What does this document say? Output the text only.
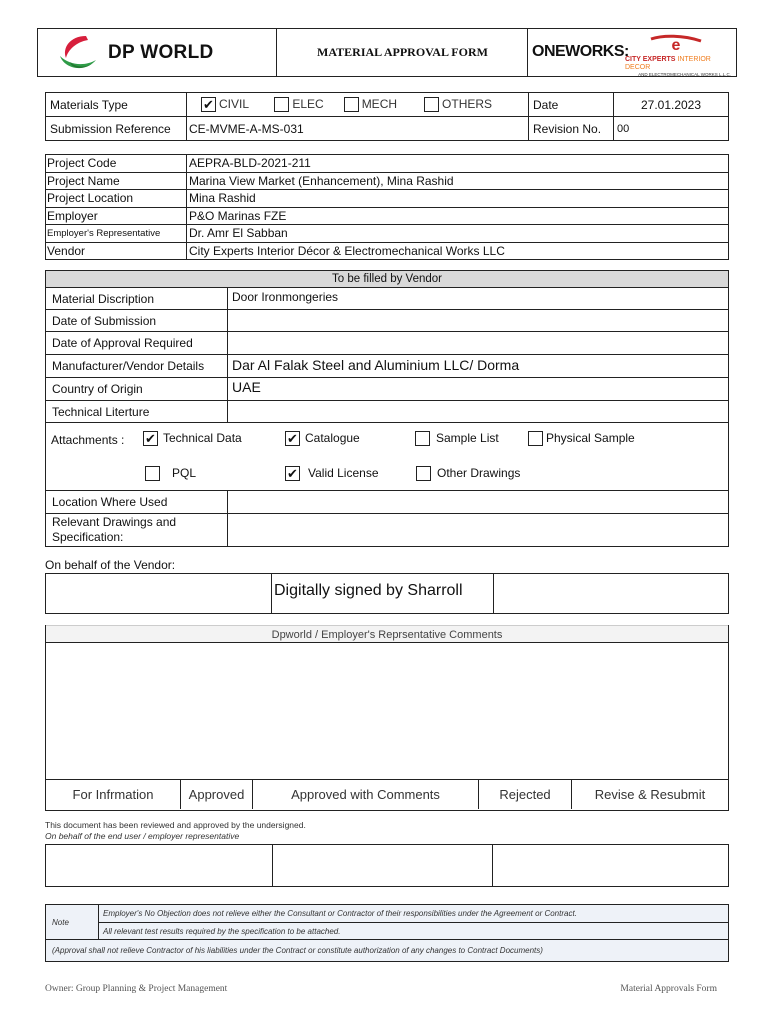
DP WORLD	MATERIAL APPROVAL FORM	ONEWORKS:	e
CITY EXPERTS INTERIOR DECOR
AND ELECTROMECHANICAL WORKS L.L.C.
Materials Type	✔ CIVIL ELEC MECH OTHERS	Date	27.01.2023
Submission Reference	CE-MVME-A-MS-031	Revision No.	00
Project Code	AEPRA-BLD-2021-211
Project Name	Marina View Market (Enhancement), Mina Rashid
Project Location	Mina Rashid
Employer	P&O Marinas FZE
Employer's Representative	Dr. Amr El Sabban
Vendor	City Experts Interior Décor & Electromechanical Works LLC
To be filled by Vendor	
Material Discription	Door Ironmongeries
Date of Submission	
Date of Approval Required	
Manufacturer/Vendor Details	Dar Al Falak Steel and Aluminium LLC/ Dorma
Country of Origin	UAE
Technical Literture	

Location Where Used	

Relevant Drawings and
Specification:	

Attachments : ✔ Technical Data	✔ Catalogue	Sample List	Physical Sample
PQL	✔ Valid License	Other Drawings
On behalf of the Vendor:
	Digitally signed by Sharroll	
Dpworld / Employer's Reprsentative Comments
For Infrmation	Approved	Approved with Comments	Rejected	Revise & Resubmit
This document has been reviewed and approved by the undersigned.
On behalf of the end user / employer representative

Note	Employer's No Objection does not relieve either the Consultant or Contractor of their responsibilities under the Agreement or Contract.
All relevant test results required by the specification to be attached.
(Approval shall not relieve Contractor of his liabilities under the Contract or constitute authorization of any changes to Contract Documents)
Owner: Group Planning & Project Management	Material Approvals Form
